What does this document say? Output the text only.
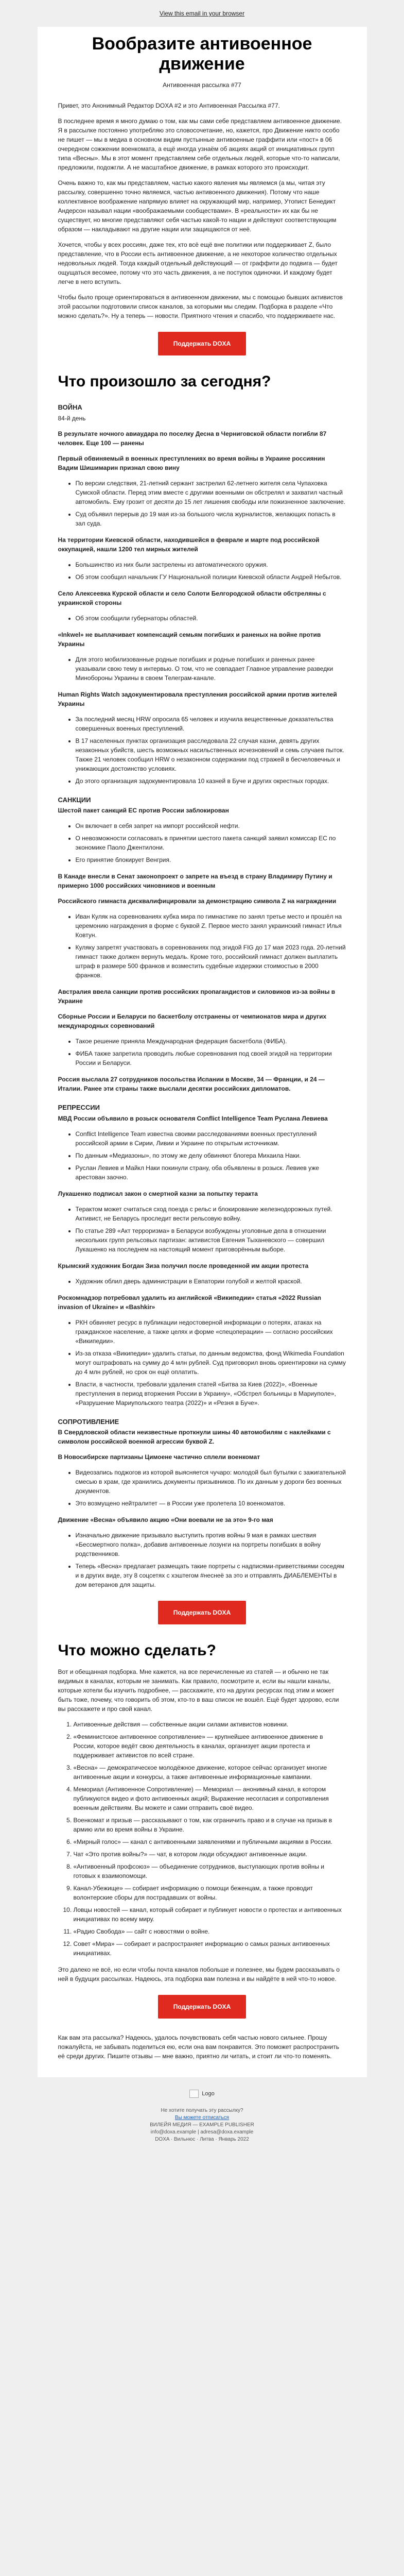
View this email in your browser
Вообразите антивоенное движение

Антивоенная рассылка #77

Привет, это Анонимный Редактор DOXA #2 и это Антивоенная Рассылка #77.

В последнее время я много думаю о том, как мы сами себе представляем антивоенное движение. Я в рассылке постоянно употребляю это словосочетание, но, кажется, про Движение никто особо не пишет — мы в медиа в основном видим пустынные антивоенные граффити или «пост» в 06 очередном сожжении военкомата, а ещё иногда узнаём об акциях акций от инициативных групп типа «Весны». Мы в этот момент представляем себе отдельных людей, которые что-то написали, предложили, подожгли. А не масштабное движение, в рамках которого это происходит.

Очень важно то, как мы представляем, частью какого явления мы являемся (а мы, читая эту рассылку, совершенно точно являемся, частью антивоенного движения). Потому что наше коллективное воображение напрямую влияет на окружающий мир, например, Утопист Бенедикт Андерсон называл нации «воображаемыми сообществами». В «реальности» их как бы не существует, но многие представляют себя частью какой-то нации и действуют соответствующим образом — накладывают на другие нации или защищаются от неё.

Хочется, чтобы у всех россиян, даже тех, кто всё ещё вне политики или поддерживает Z, было представление, что в России есть антивоенное движение, а не некоторое количество отдельных недовольных людей. Тогда каждый отдельный действующий — от граффити до подвига — будет ощущаться весомее, потому что это часть движения, а не поступок одиночки. И каждому будет легче в него вступить.

Чтобы было проще ориентироваться в антивоенном движении, мы с помощью бывших активистов этой рассылки подготовили список каналов, за которыми мы следим. Подборка в разделе «Что можно сделать?». Ну а теперь — новости. Приятного чтения и спасибо, что поддерживаете нас.

Поддержать DOXA
Что произошло за сегодня?
ВОЙНА

84-й день

В результате ночного авиаудара по поселку Десна в Черниговской области погибли 87 человек. Еще 100 — ранены

Первый обвиняемый в военных преступлениях во время войны в Украине россиянин Вадим Шишимарин признал свою вину

• По версии следствия, 21-летний сержант застрелил 62-летнего жителя села Чупаховка Сумской области. Перед этим вместе с другими военными он обстрелял и захватил частный автомобиль. Ему грозит от десяти до 15 лет лишения свободы или пожизненное заключение.
• Суд объявил перерыв до 19 мая из-за большого числа журналистов, желающих попасть в зал суда.

На территории Киевской области, находившейся в феврале и марте под российской оккупацией, нашли 1200 тел мирных жителей

• Большинство из них были застрелены из автоматического оружия.
• Об этом сообщил начальник ГУ Национальной полиции Киевской области Андрей Небытов.

Село Алексеевка Курской области и село Солоти Белгородской области обстреляны с украинской стороны

• Об этом сообщили губернаторы областей.

«Inkwel» не выплачивает компенсаций семьям погибших и раненых на войне против Украины

• Для этого мобилизованные родные погибших и родные погибших и раненых ранее указывали свою тему в интервью. О том, что не совпадает Главное управление разведки Минобороны Украины в своем Телеграм-канале.

Human Rights Watch задокументировала преступления российской армии против жителей Украины

• За последний месяц HRW опросила 65 человек и изучила вещественные доказательства совершенных военных преступлений.
• В 17 населенных пунктах организация расследовала 22 случая казни, девять других незаконных убийств, шесть возможных насильственных исчезновений и семь случаев пыток. Также 21 человек сообщил HRW о незаконном содержании под стражей в бесчеловечных и унижающих достоинство условиях.
• До этого организация задокументировала 10 казней в Буче и других окрестных городах.
САНКЦИИ

Шестой пакет санкций ЕС против России заблокирован

• Он включает в себя запрет на импорт российской нефти.
• О невозможности согласовать в принятии шестого пакета санкций заявил комиссар ЕС по экономике Паоло Джентилони.
• Его принятие блокирует Венгрия.

В Канаде внесли в Сенат законопроект о запрете на въезд в страну Владимиру Путину и примерно 1000 российских чиновников и военным

Российского гимнаста дисквалифицировали за демонстрацию символа Z на награждении

• Иван Куляк на соревнованиях кубка мира по гимнастике по занял третье место и прошёл на церемонию награждения в форме с буквой Z. Первое место занял украинский гимнаст Илья Ковтун.
• Куляку запретят участвовать в соревнованиях под эгидой FIG до 17 мая 2023 года. 20-летний гимнаст также должен вернуть медаль. Кроме того, российский гимнаст должен выплатить штраф в размере 500 франков и возместить судебные издержки стоимостью в 2000 франков.

Австралия ввела санкции против российских пропагандистов и силовиков из-за войны в Украине

Сборные России и Беларуси по баскетболу отстранены от чемпионатов мира и других международных соревнований

• Такое решение приняла Международная федерация баскетбола (ФИБА).
• ФИБА также запретила проводить любые соревнования под своей эгидой на территории России и Беларуси.

Россия выслала 27 сотрудников посольства Испании в Москве, 34 — Франции, и 24 — Италии. Ранее эти страны также выслали десятки российских дипломатов.

РЕПРЕССИИ

МВД России объявило в розыск основателя Conflict Intelligence Team Руслана Левиева

• Conflict Intelligence Team известна своими расследованиями военных преступлений российской армии в Сирии, Ливии и Украине по открытым источникам.
• По данным «Медиазоны», по этому же делу обвиняют блогера Михаила Наки.
• Руслан Левиев и Майкл Наки покинули страну, оба объявлены в розыск. Левиев уже арестован заочно.

Лукашенко подписал закон о смертной казни за попытку теракта

• Терактом может считаться сход поезда с рельс и блокирование железнодорожных путей. Активист, не Беларусь проследит вести рельсовую войну.
• По статье 289 «Акт терроризма» в Беларуси возбуждены уголовные дела в отношении нескольких групп рельсовых партизан: активистов Евгения Тыханевского — совершил Лукашенко на последнем на настоящий момент приговорённым выборе.

Крымский художник Богдан Зиза получил после проведенной им акции протеста

• Художник облил дверь администрации в Евпатории голубой и желтой краской.

Роскомнадзор потребовал удалить из английской «Википедии» статья «2022 Russian invasion of Ukraine» и «Bashkir»

• РКН обвиняет ресурс в публикации недостоверной информации о потерях, атаках на гражданское население, а также целях и форме «спецоперации» — согласно российских «Википедии».
• Из-за отказа «Википедии» удалить статьи, по данным ведомства, фонд Wikimedia Foundation могут оштрафовать на сумму до 4 млн рублей. Суд приговорил вновь ориентировки на сумму до 4 млн рублей, но срок он ещё оплатить.
• Власти, в частности, требовали удаления статей «Битва за Киев (2022)», «Военные преступления в период вторжения России в Украину», «Обстрел больницы в Мариуполе», «Разрушение Мариупольского театра (2022)» и «Резня в Буче».
СОПРОТИВЛЕНИЕ

В Свердловской области неизвестные проткнули шины 40 автомобилям с наклейками с символом российской военной агрессии буквой Z.

В Новосибирске партизаны Цимоене частично сплели военкомат

• Видеозапись поджогов из которой выясняется чучаро: молодой был бутылки с зажигательной смесью в храм, где хранились документы призывников. По их данным у дороги без военных документов.
• Это возмущено нейтралитет — в России уже пролетела 10 военкоматов.

Движение «Весна» объявило акцию «Они воевали не за это» 9-го мая

• Изначально движение призывало выступить против войны 9 мая в рамках шествия «Бессмертного полка», добавив антивоенные лозунги на портреты погибших в войну родственников.
• Теперь «Весна» предлагает размещать такие портреты с надписями-приветствиями соседям и в других виде, эту 8 соцсетях с хэштегом #неснеё за это и отправлять ДИАБЛЕМЕНТЫ в дом ветеранов для защиты.
Поддержать DOXA
Что можно сделать?

Вот и обещанная подборка. Мне кажется, на все перечисленные из статей — и обычно не так видимых в каналах, которым не занимать. Как правило, посмотрите и, если вы нашли каналы, которые хотели бы изучить подробнее, — расскажите, кто на других ресурсах под этим и может быть тоже, почему, что говорить об этом, кто-то в ваш список не вошёл. Ещё будет здорово, если вы расскажете и про свой канал.

1. Антивоенные действия — собственные акции силами активистов новинки.
2. «Феминистское антивоенное сопротивление» — крупнейшее антивоенное движение в России, которое ведёт свою деятельность в каналах, организует акции протеста и поддерживает активистов по всей стране.
3. «Весна» — демократическое молодёжное движение, которое сейчас организует многие антивоенные акции и конкурсы, а также антивоенные информационные кампании.
4. Мемориал (Антивоенное Сопротивление) — Мемориал — анонимный канал, в котором публикуются видео и фото антивоенных акций; Выражение несогласия и сопротивления военным действиям. Вы можете и сами отправить своё видео.
5. Военкомат и призыв — рассказывают о том, как ограничить право и в случае на призыв в армию или во время войны в Украине.
6. «Мирный голос» — канал с антивоенными заявлениями и публичными акциями в России.
7. Чат «Это против войны?» — чат, в котором люди обсуждают антивоенные акции.
8. «Антивоенный профсоюз» — объединение сотрудников, выступающих против войны и готовых к взаимопомощи.
9. Канал-Убежище» — собирает информацию о помощи беженцам, а также проводит волонтерские сборы для пострадавших от войны.
10. Ловцы новостей — канал, который собирает и публикует новости о протестах и антивоенных инициативах по всему миру.
11. «Радио Свобода» — сайт с новостями о войне.
12. Совет «Мира» — собирает и распространяет информацию о самых разных антивоенных инициативах.

Это далеко не всё, но если чтобы почта каналов побольше и полезнее, мы будем рассказывать о ней в будущих рассылках. Надеюсь, эта подборка вам полезна и вы найдёте в ней что-то новое.

Поддержать DOXA

Как вам эта рассылка? Надеюсь, удалось почувствовать себя частью нового сильнее. Прошу пожалуйста, не забывать поделиться ею, если она вам понравится. Это поможет распространить её среди других. Пишите отзывы — мне важно, приятно ли читать, и стоит ли что-то поменять.

Logo

Не хотите получать эту рассылку?

Вы можете отписаться

ВИЛЕЙЯ МЕДИЯ — EXAMPLE PUBLISHER

info@doxa.example | adresa@doxa.example

DOXA · Вильнюс · Литва · Январь 2022
